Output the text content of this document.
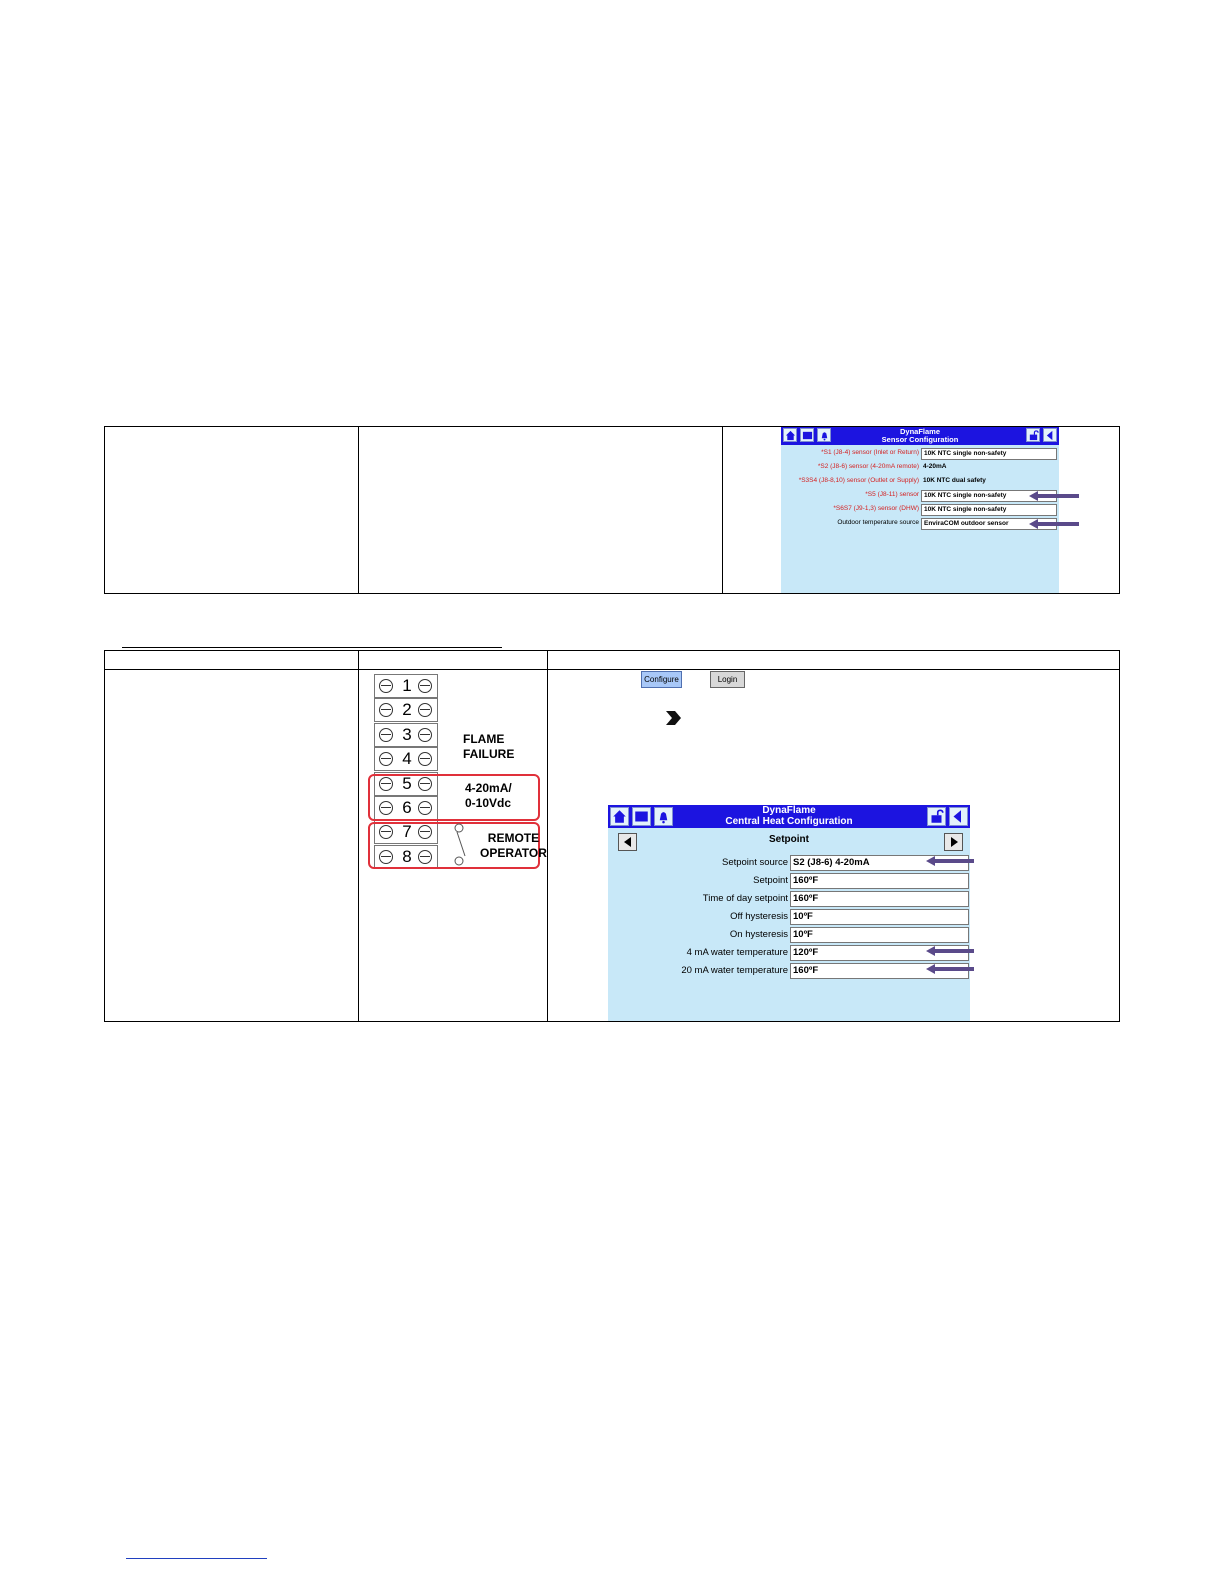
DynaFlame
Sensor Configuration
*S1 (J8-4) sensor (Inlet or Return) 10K NTC single non-safety
*S2 (J8-6) sensor (4-20mA remote) 4-20mA
*S3S4 (J8-8,10) sensor (Outlet or Supply) 10K NTC dual safety
*S5 (J8-11) sensor 10K NTC single non-safety
*S6S7 (J9-1,3) sensor (DHW) 10K NTC single non-safety
Outdoor temperature source EnviraCOM outdoor sensor
1
2
3
4
5
6
7
8
FLAME
FAILURE
4-20mA/
0-10Vdc
REMOTE
OPERATOR
Configure	Login
DynaFlame
Central Heat Configuration
Setpoint
Setpoint source S2 (J8-6) 4-20mA
Setpoint 160ºF
Time of day setpoint 160ºF
Off hysteresis 10ºF
On hysteresis 10ºF
4 mA water temperature 120ºF
20 mA water temperature 160ºF
